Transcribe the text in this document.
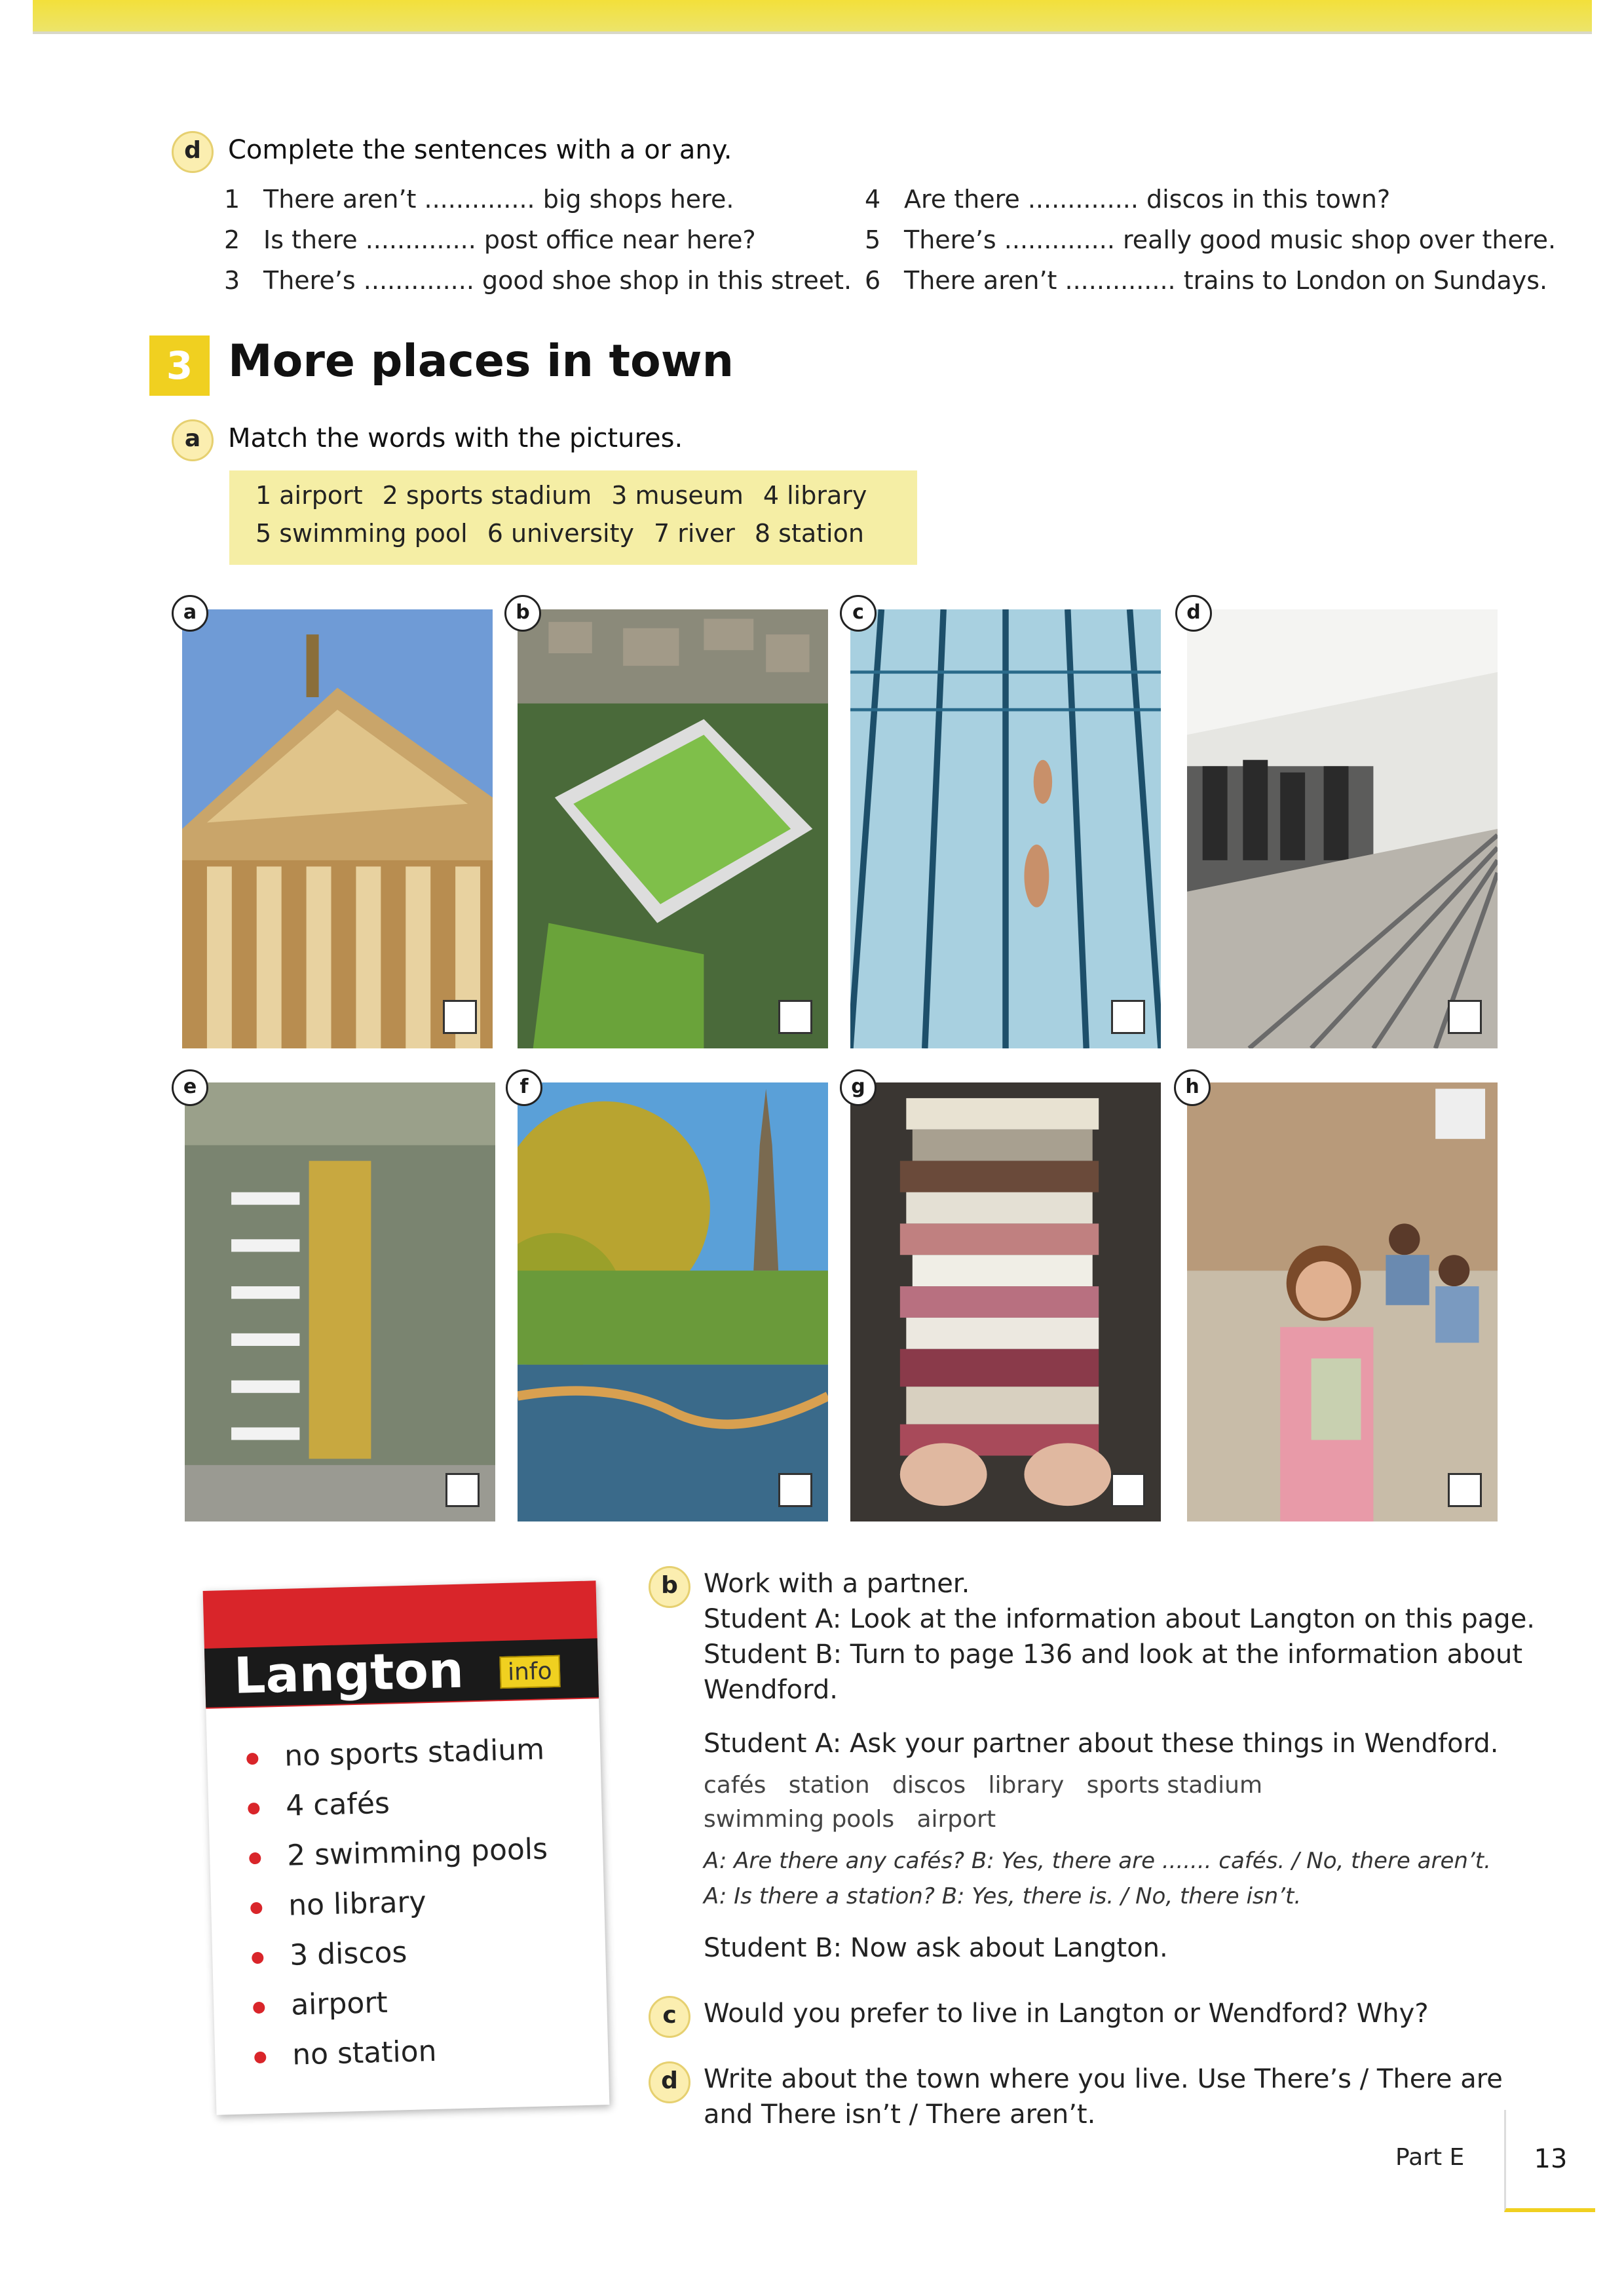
d	Complete the sentences with a or any.
1 There aren’t .............. big shops here.
2 Is there .............. post office near here?
3 There’s .............. good shoe shop in this street.
4 Are there .............. discos in this town?
5 There’s .............. really good music shop over there.
6 There aren’t .............. trains to London on Sundays.
3 More places in town
a	Match the words with the pictures.
1 airport 2 sports stadium 3 museum 4 library
5 swimming pool 6 university 7 river 8 station
a	b	c	d
e	f	g	h
Langton	info
no sports stadium
4 cafés
2 swimming pools
no library
3 discos
airport
no station
b Work with a partner.
Student A: Look at the information about Langton on this page.
Student B: Turn to page 136 and look at the information about
Wendford.
Student A: Ask your partner about these things in Wendford.
cafés   station   discos   library   sports stadium
swimming pools   airport
A: Are there any cafés? B: Yes, there are ....... cafés. / No, there aren’t.
A: Is there a station? B: Yes, there is. / No, there isn’t.
Student B: Now ask about Langton.
c	Would you prefer to live in Langton or Wendford? Why?
d Write about the town where you live. Use There’s / There are
and There isn’t / There aren’t.
Part E	13
